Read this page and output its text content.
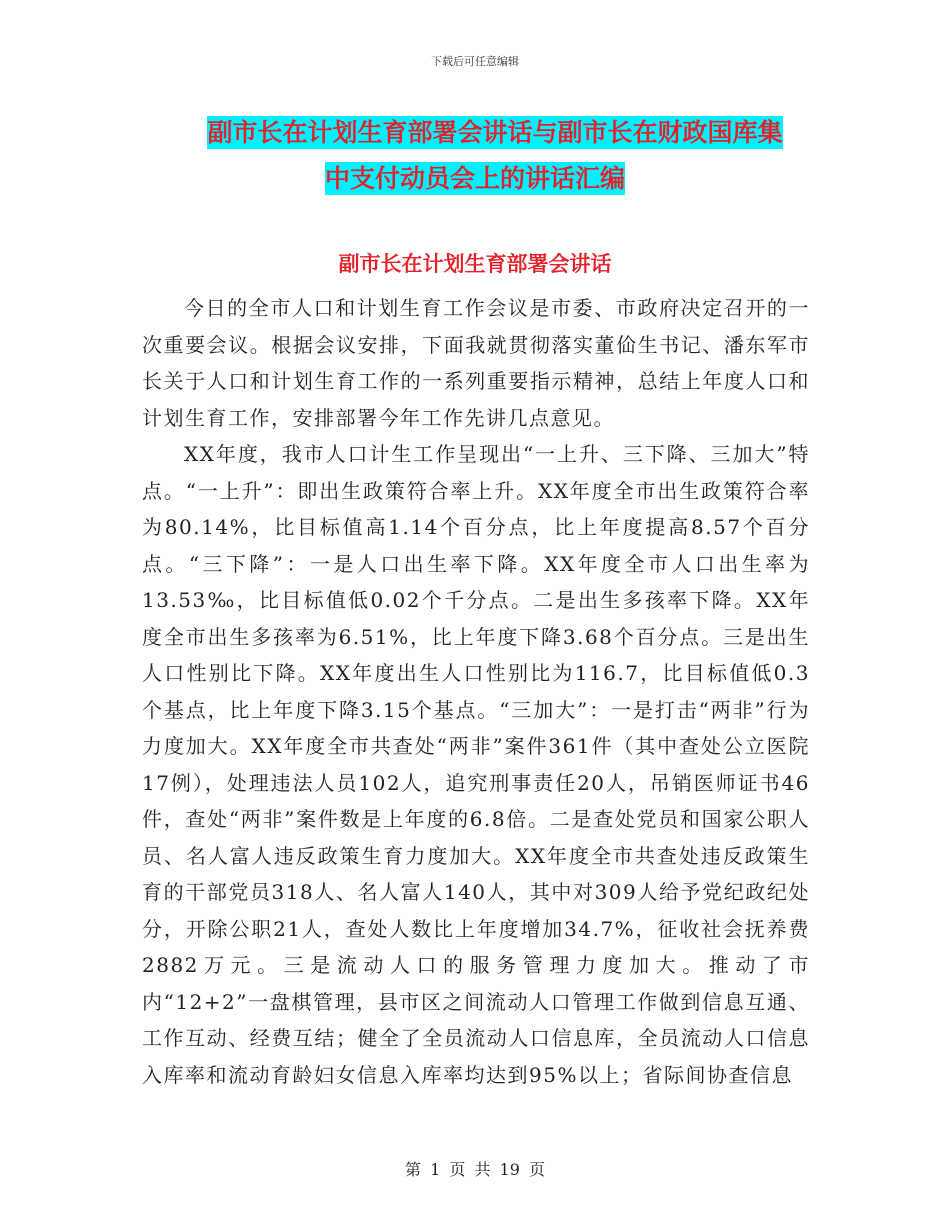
下载后可任意编辑
副市长在计划生育部署会讲话与副市长在财政国库集
中支付动员会上的讲话汇编
副市长在计划生育部署会讲话

今日的全市人口和计划生育工作会议是市委、市政府决定召开的一次重要会议。根据会议安排，下面我就贯彻落实董佡生书记、潘东军市长关于人口和计划生育工作的一系列重要指示精神，总结上年度人口和计划生育工作，安排部署今年工作先讲几点意见。

XX年度，我市人口计生工作呈现出“一上升、三下降、三加大”特点。“一上升”：即出生政策符合率上升。XX年度全市出生政策符合率为80.14%，比目标值高1.14个百分点，比上年度提高8.57个百分点。“三下降”：一是人口出生率下降。XX年度全市人口出生率为13.53‰，比目标值低0.02个千分点。二是出生多孩率下降。XX年度全市出生多孩率为6.51%，比上年度下降3.68个百分点。三是出生人口性别比下降。XX年度出生人口性别比为116.7，比目标值低0.3个基点，比上年度下降3.15个基点。“三加大”：一是打击“两非”行为力度加大。XX年度全市共查处“两非”案件361件（其中查处公立医院17例），处理违法人员102人，追究刑事责任20人，吊销医师证书46件，查处“两非”案件数是上年度的6.8倍。二是查处党员和国家公职人员、名人富人违反政策生育力度加大。XX年度全市共查处违反政策生育的干部党员318人、名人富人140人，其中对309人给予党纪政纪处分，开除公职21人，查处人数比上年度增加34.7%，征收社会抚养费2882万元。三是流动人口的服务管理力度加大。推动了市内“12+2”一盘棋管理，县市区之间流动人口管理工作做到信息互通、工作互动、经费互结；健全了全员流动人口信息库，全员流动人口信息入库率和流动育龄妇女信息入库率均达到95%以上；省际间协查信息

第 1 页 共 19 页
